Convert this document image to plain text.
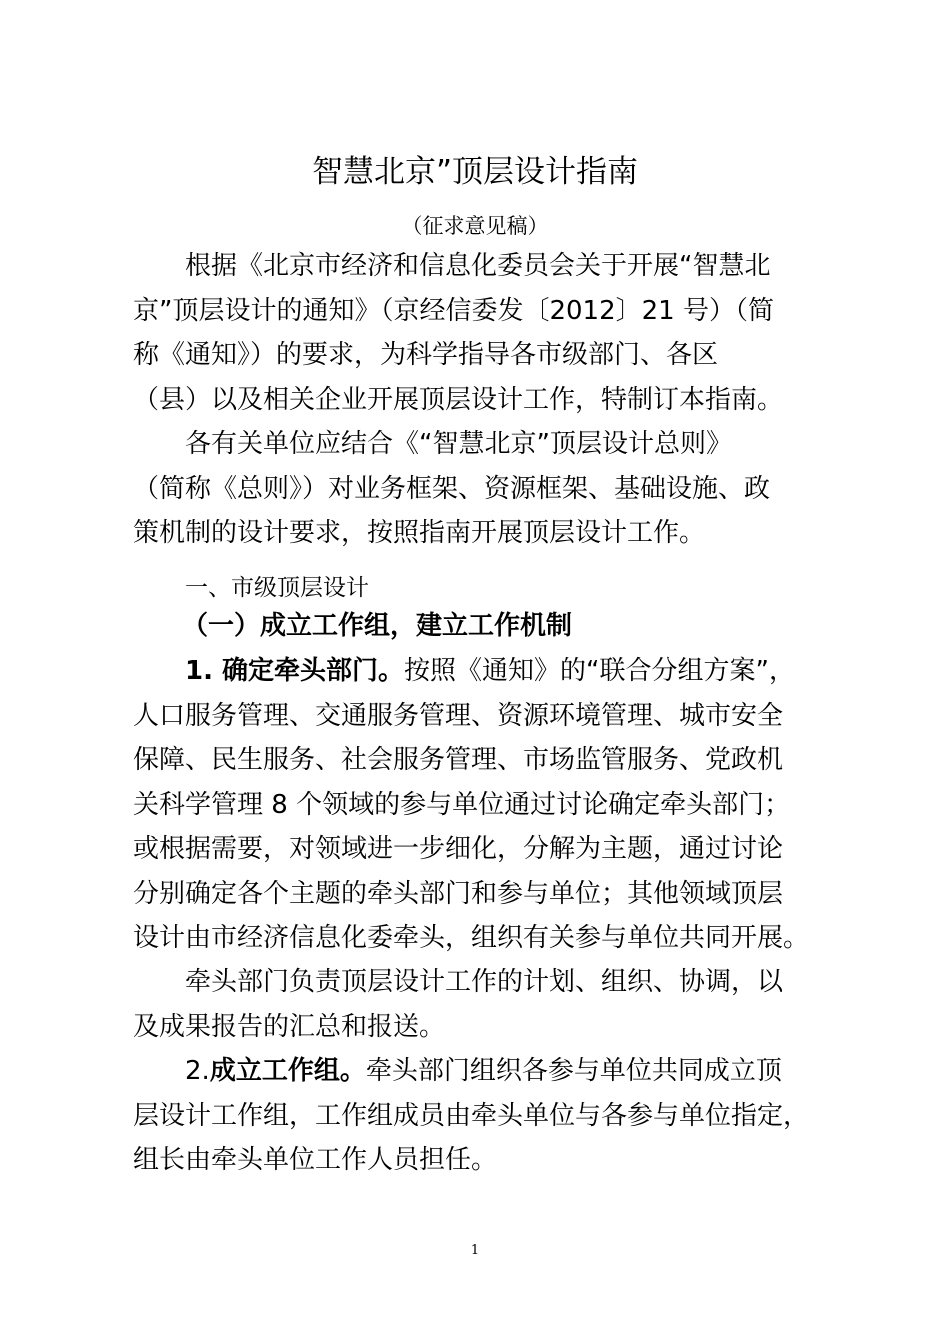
智慧北京”顶层设计指南
（征求意见稿）
根据《北京市经济和信息化委员会关于开展“智慧北
京”顶层设计的通知》（京经信委发〔2012〕21 号）（简
称《通知》）的要求，为科学指导各市级部门、各区
（县）以及相关企业开展顶层设计工作，特制订本指南。
各有关单位应结合《“智慧北京”顶层设计总则》
（简称《总则》）对业务框架、资源框架、基础设施、政
策机制的设计要求，按照指南开展顶层设计工作。
一、市级顶层设计
（一）成立工作组，建立工作机制
1. 确定牵头部门。按照《通知》的“联合分组方案”，
人口服务管理、交通服务管理、资源环境管理、城市安全
保障、民生服务、社会服务管理、市场监管服务、党政机
关科学管理 8 个领域的参与单位通过讨论确定牵头部门；
或根据需要，对领域进一步细化，分解为主题，通过讨论
分别确定各个主题的牵头部门和参与单位；其他领域顶层
设计由市经济信息化委牵头，组织有关参与单位共同开展。
牵头部门负责顶层设计工作的计划、组织、协调，以
及成果报告的汇总和报送。
2.成立工作组。牵头部门组织各参与单位共同成立顶
层设计工作组，工作组成员由牵头单位与各参与单位指定，
组长由牵头单位工作人员担任。
1
